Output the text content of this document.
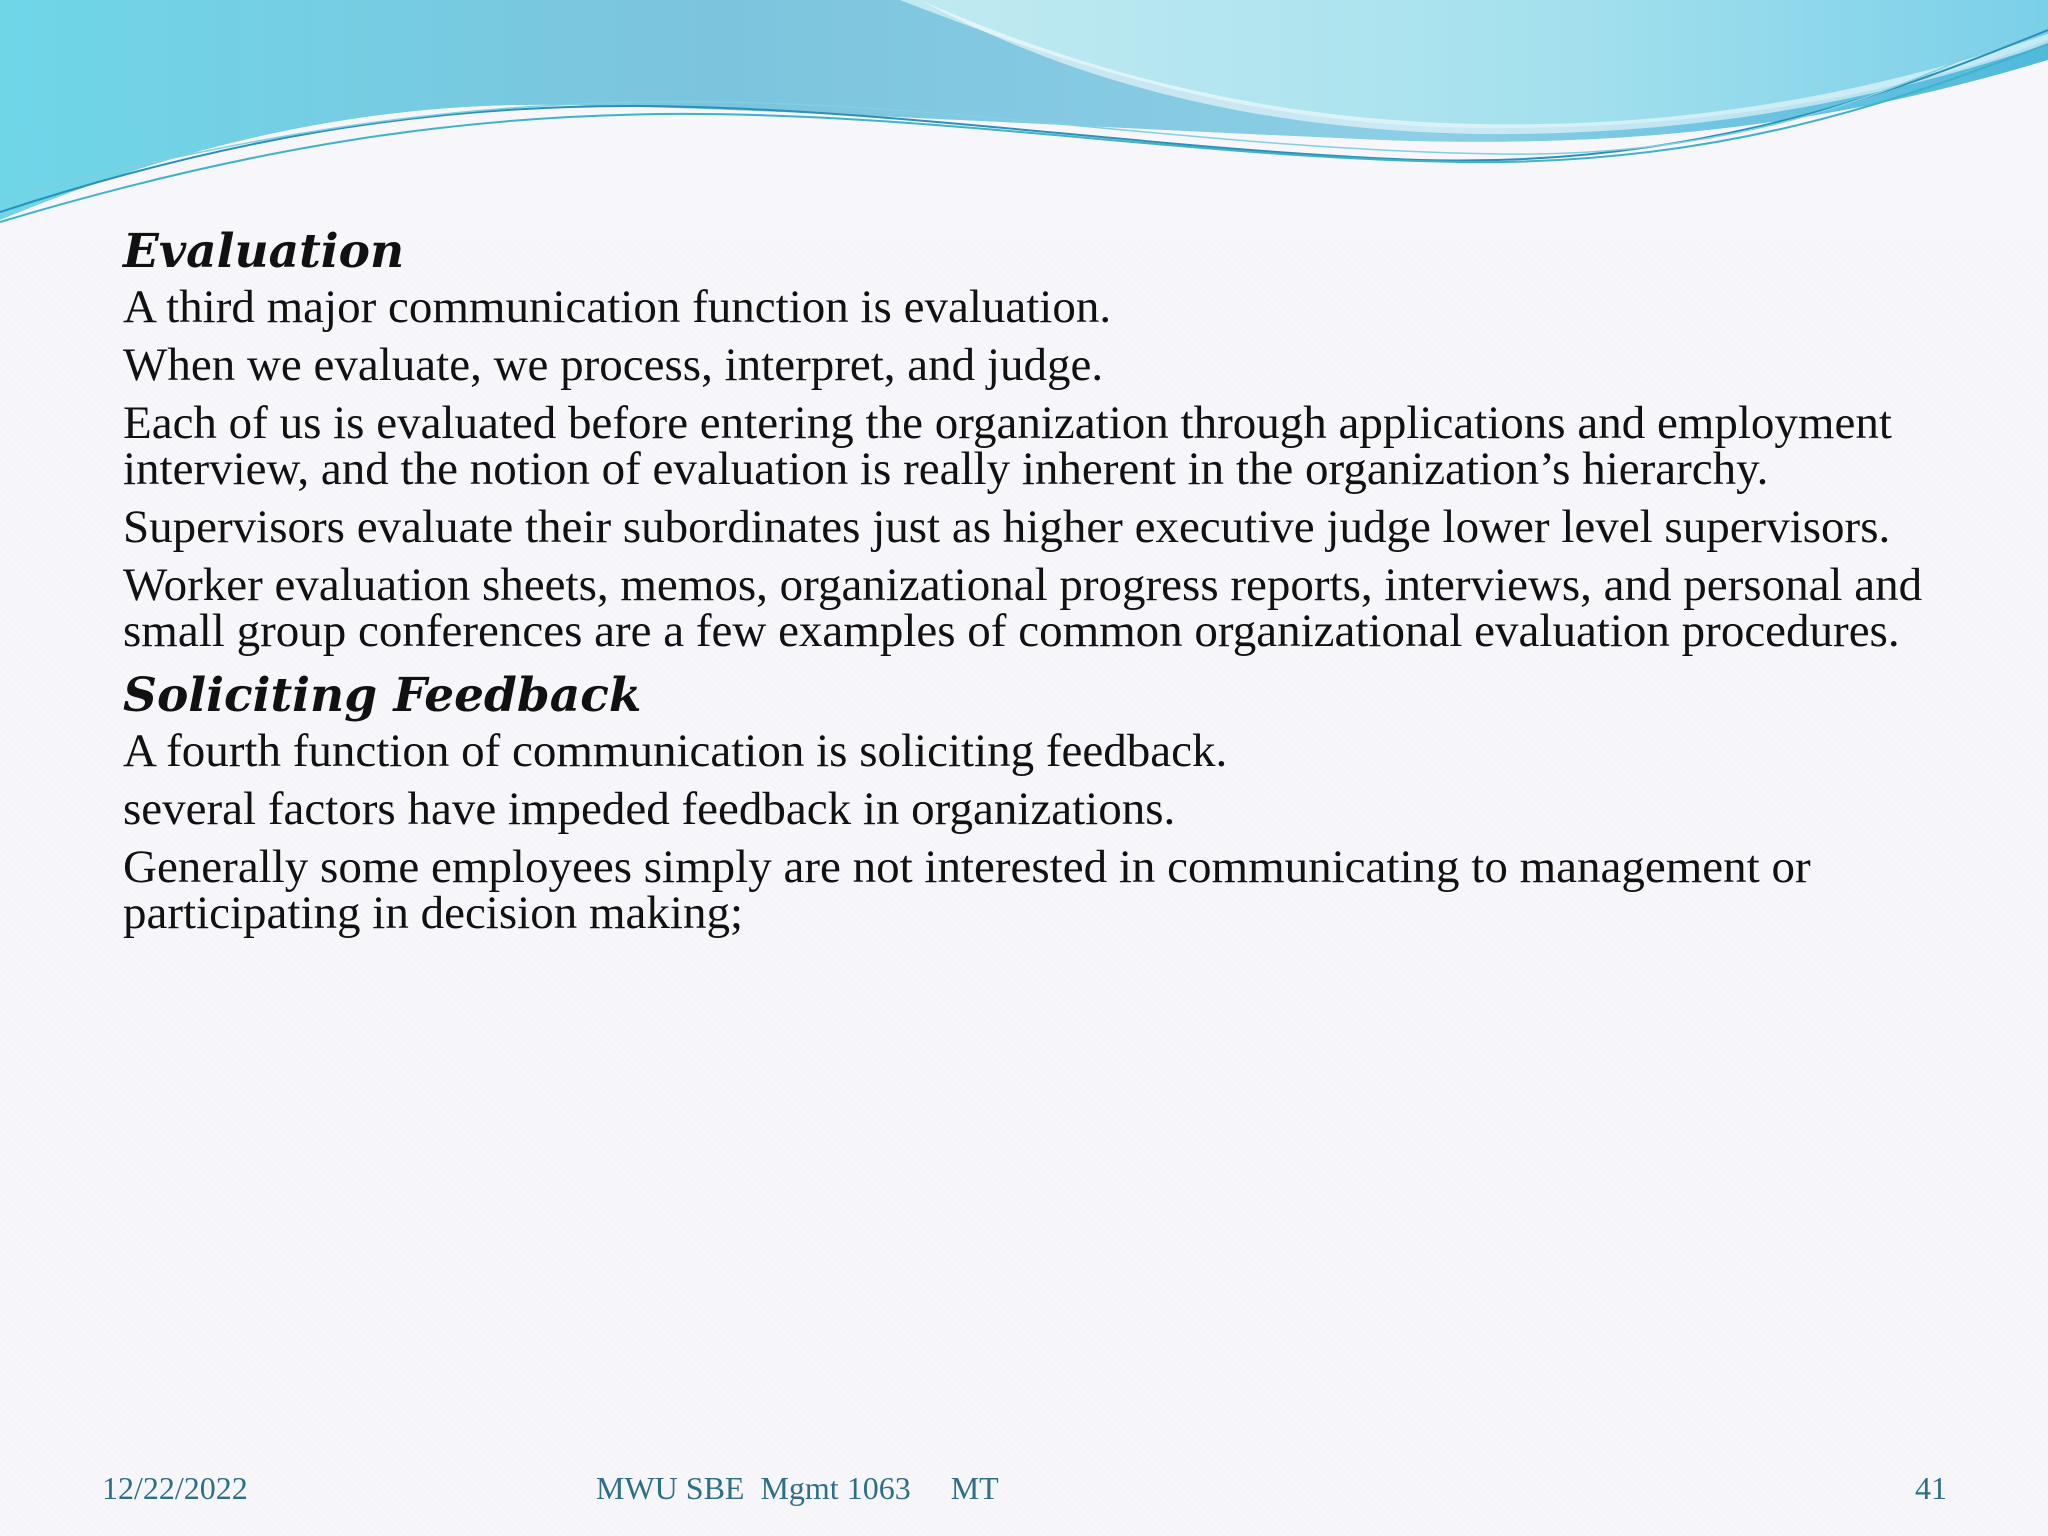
Evaluation

A third major communication function is evaluation.

When we evaluate, we process, interpret, and judge.

Each of us is evaluated before entering the organization through applications and employment interview, and the notion of evaluation is really inherent in the organization’s hierarchy.

Supervisors evaluate their subordinates just as higher executive judge lower level supervisors.

Worker evaluation sheets, memos, organizational progress reports, interviews, and personal and small group conferences are a few examples of common organizational evaluation procedures.

Soliciting Feedback

A fourth function of communication is soliciting feedback.

several factors have impeded feedback in organizations.

Generally some employees simply are not interested in communicating to management or participating in decision making;

12/22/2022	MWU SBE  Mgmt 1063     MT	41
